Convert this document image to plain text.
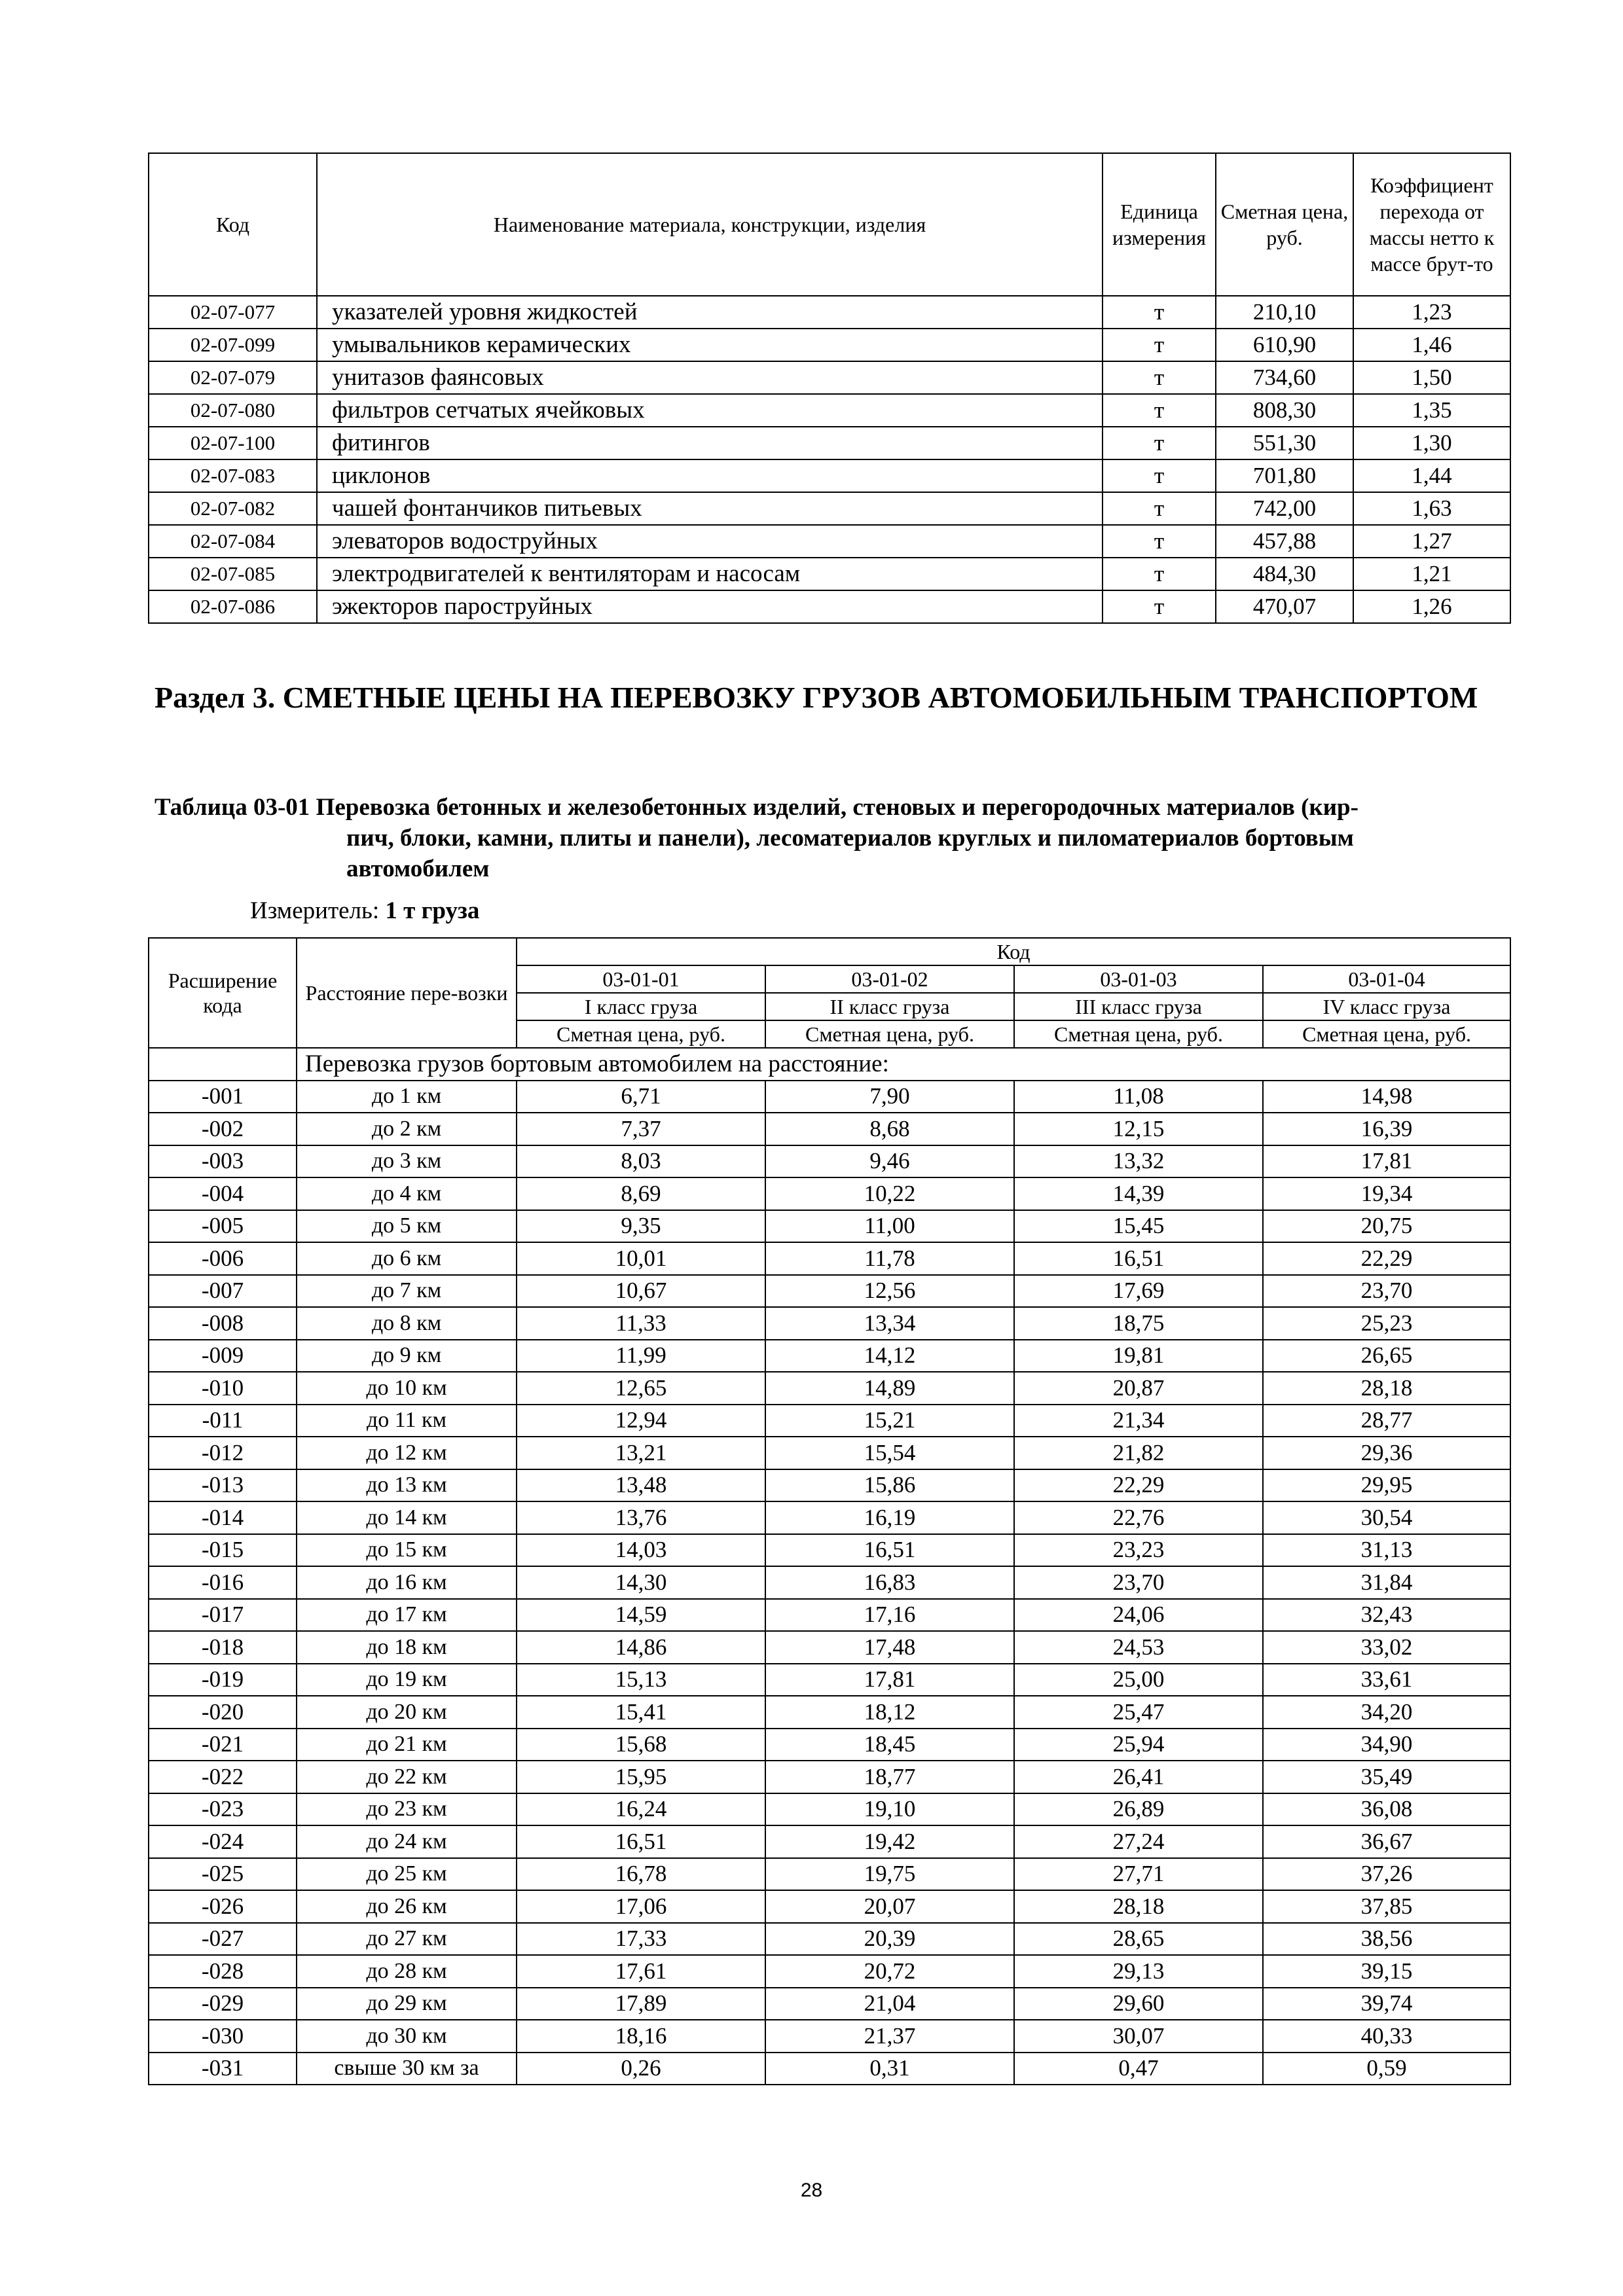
Код	Наименование материала, конструкции, изделия	Единица измерения	Сметная цена, руб.	Коэффициент перехода от массы нетто к массе брут-то
02-07-077	указателей уровня жидкостей	т	210,10	1,23
02-07-099	умывальников керамических	т	610,90	1,46
02-07-079	унитазов фаянсовых	т	734,60	1,50
02-07-080	фильтров сетчатых ячейковых	т	808,30	1,35
02-07-100	фитингов	т	551,30	1,30
02-07-083	циклонов	т	701,80	1,44
02-07-082	чашей фонтанчиков питьевых	т	742,00	1,63
02-07-084	элеваторов водоструйных	т	457,88	1,27
02-07-085	электродвигателей к вентиляторам и насосам	т	484,30	1,21
02-07-086	эжекторов пароструйных	т	470,07	1,26
Раздел 3. СМЕТНЫЕ ЦЕНЫ НА ПЕРЕВОЗКУ ГРУЗОВ АВТОМОБИЛЬНЫМ ТРАНСПОРТОМ
Таблица 03-01 Перевозка бетонных и железобетонных изделий, стеновых и перегородочных материалов (кир-
пич, блоки, камни, плиты и панели), лесоматериалов круглых и пиломатериалов бортовым
автомобилем
Измеритель: 1 т груза
Расширение кода	Расстояние пере-возки	Код			
		03-01-01	03-01-02	03-01-03	03-01-04
		I класс груза	II класс груза	III класс груза	IV класс груза
		Сметная цена, руб.	Сметная цена, руб.	Сметная цена, руб.	Сметная цена, руб.
	Перевозка грузов бортовым автомобилем на расстояние:				
-001	до 1 км	6,71	7,90	11,08	14,98
-002	до 2 км	7,37	8,68	12,15	16,39
-003	до 3 км	8,03	9,46	13,32	17,81
-004	до 4 км	8,69	10,22	14,39	19,34
-005	до 5 км	9,35	11,00	15,45	20,75
-006	до 6 км	10,01	11,78	16,51	22,29
-007	до 7 км	10,67	12,56	17,69	23,70
-008	до 8 км	11,33	13,34	18,75	25,23
-009	до 9 км	11,99	14,12	19,81	26,65
-010	до 10 км	12,65	14,89	20,87	28,18
-011	до 11 км	12,94	15,21	21,34	28,77
-012	до 12 км	13,21	15,54	21,82	29,36
-013	до 13 км	13,48	15,86	22,29	29,95
-014	до 14 км	13,76	16,19	22,76	30,54
-015	до 15 км	14,03	16,51	23,23	31,13
-016	до 16 км	14,30	16,83	23,70	31,84
-017	до 17 км	14,59	17,16	24,06	32,43
-018	до 18 км	14,86	17,48	24,53	33,02
-019	до 19 км	15,13	17,81	25,00	33,61
-020	до 20 км	15,41	18,12	25,47	34,20
-021	до 21 км	15,68	18,45	25,94	34,90
-022	до 22 км	15,95	18,77	26,41	35,49
-023	до 23 км	16,24	19,10	26,89	36,08
-024	до 24 км	16,51	19,42	27,24	36,67
-025	до 25 км	16,78	19,75	27,71	37,26
-026	до 26 км	17,06	20,07	28,18	37,85
-027	до 27 км	17,33	20,39	28,65	38,56
-028	до 28 км	17,61	20,72	29,13	39,15
-029	до 29 км	17,89	21,04	29,60	39,74
-030	до 30 км	18,16	21,37	30,07	40,33
-031	свыше 30 км за	0,26	0,31	0,47	0,59
28
